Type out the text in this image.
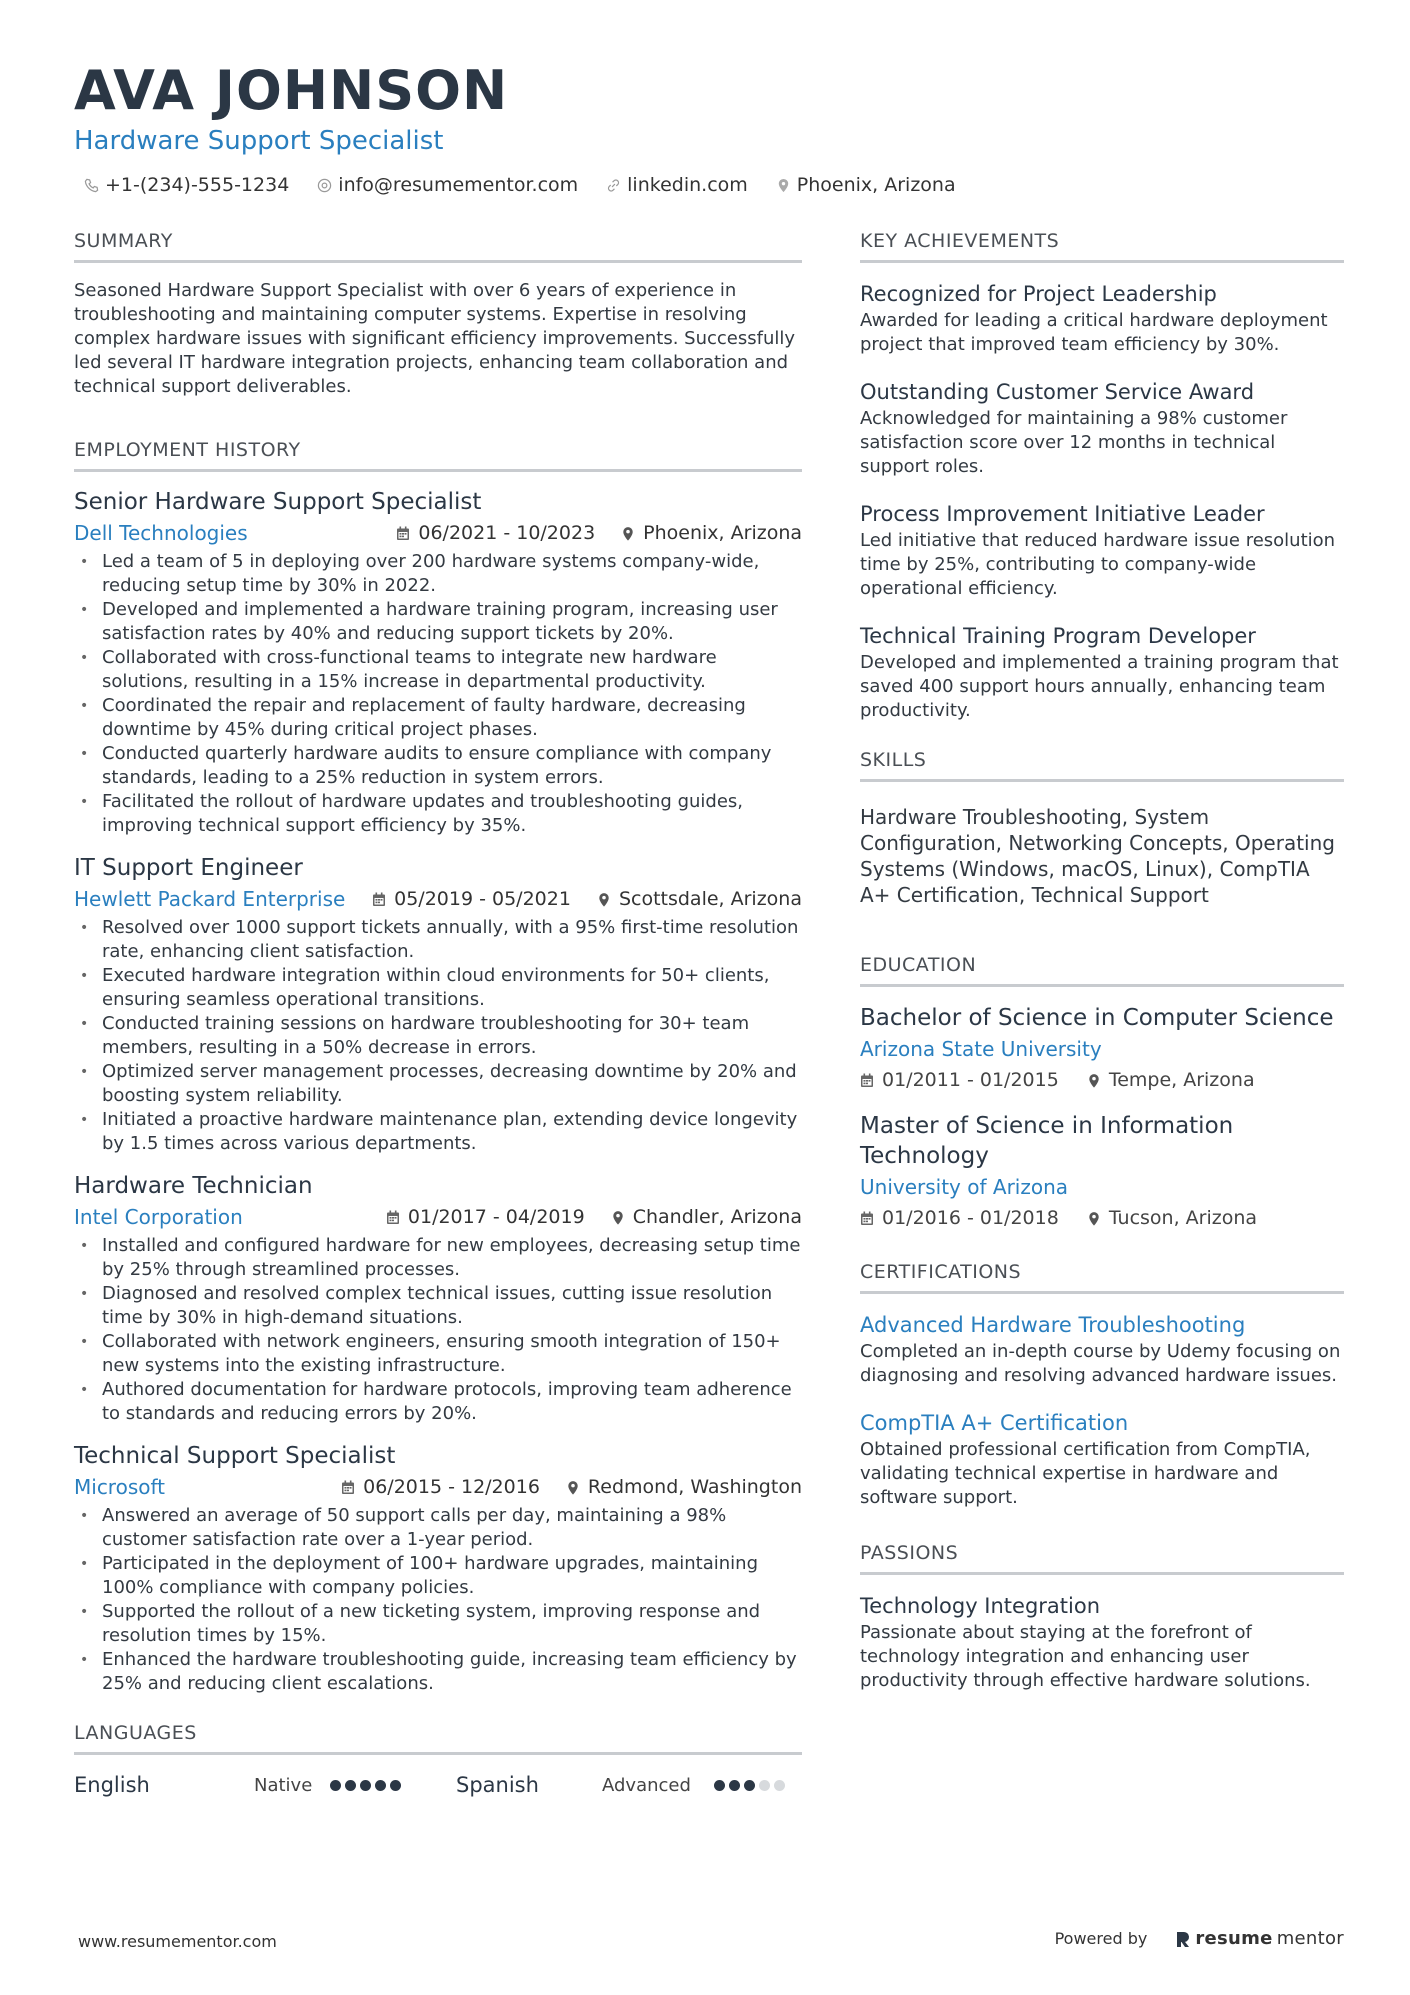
AVA JOHNSON
Hardware Support Specialist
+1-(234)-555-1234	info@resumementor.com	linkedin.com	Phoenix, Arizona
SUMMARY
Seasoned Hardware Support Specialist with over 6 years of experience in troubleshooting and maintaining computer systems. Expertise in resolving complex hardware issues with significant efficiency improvements. Successfully led several IT hardware integration projects, enhancing team collaboration and technical support deliverables.
EMPLOYMENT HISTORY
Senior Hardware Support Specialist
Dell Technologies	06/2021 - 10/2023	Phoenix, Arizona
• Led a team of 5 in deploying over 200 hardware systems company-wide, reducing setup time by 30% in 2022.
• Developed and implemented a hardware training program, increasing user satisfaction rates by 40% and reducing support tickets by 20%.
• Collaborated with cross-functional teams to integrate new hardware solutions, resulting in a 15% increase in departmental productivity.
• Coordinated the repair and replacement of faulty hardware, decreasing downtime by 45% during critical project phases.
• Conducted quarterly hardware audits to ensure compliance with company standards, leading to a 25% reduction in system errors.
• Facilitated the rollout of hardware updates and troubleshooting guides, improving technical support efficiency by 35%.
IT Support Engineer
Hewlett Packard Enterprise	05/2019 - 05/2021	Scottsdale, Arizona
• Resolved over 1000 support tickets annually, with a 95% first-time resolution rate, enhancing client satisfaction.
• Executed hardware integration within cloud environments for 50+ clients, ensuring seamless operational transitions.
• Conducted training sessions on hardware troubleshooting for 30+ team members, resulting in a 50% decrease in errors.
• Optimized server management processes, decreasing downtime by 20% and boosting system reliability.
• Initiated a proactive hardware maintenance plan, extending device longevity by 1.5 times across various departments.
Hardware Technician
Intel Corporation	01/2017 - 04/2019	Chandler, Arizona
• Installed and configured hardware for new employees, decreasing setup time by 25% through streamlined processes.
• Diagnosed and resolved complex technical issues, cutting issue resolution time by 30% in high-demand situations.
• Collaborated with network engineers, ensuring smooth integration of 150+ new systems into the existing infrastructure.
• Authored documentation for hardware protocols, improving team adherence to standards and reducing errors by 20%.
Technical Support Specialist
Microsoft	06/2015 - 12/2016	Redmond, Washington
• Answered an average of 50 support calls per day, maintaining a 98% customer satisfaction rate over a 1-year period.
• Participated in the deployment of 100+ hardware upgrades, maintaining 100% compliance with company policies.
• Supported the rollout of a new ticketing system, improving response and resolution times by 15%.
• Enhanced the hardware troubleshooting guide, increasing team efficiency by 25% and reducing client escalations.
LANGUAGES
English	Native	Spanish	Advanced
KEY ACHIEVEMENTS
Recognized for Project Leadership
Awarded for leading a critical hardware deployment project that improved team efficiency by 30%.
Outstanding Customer Service Award
Acknowledged for maintaining a 98% customer satisfaction score over 12 months in technical support roles.
Process Improvement Initiative Leader
Led initiative that reduced hardware issue resolution time by 25%, contributing to company-wide operational efficiency.
Technical Training Program Developer
Developed and implemented a training program that saved 400 support hours annually, enhancing team productivity.
SKILLS
Hardware Troubleshooting, System Configuration, Networking Concepts, Operating Systems (Windows, macOS, Linux), CompTIA A+ Certification, Technical Support
EDUCATION
Bachelor of Science in Computer Science
Arizona State University
01/2011 - 01/2015	Tempe, Arizona
Master of Science in Information Technology
University of Arizona
01/2016 - 01/2018	Tucson, Arizona
CERTIFICATIONS
Advanced Hardware Troubleshooting
Completed an in-depth course by Udemy focusing on diagnosing and resolving advanced hardware issues.
CompTIA A+ Certification
Obtained professional certification from CompTIA, validating technical expertise in hardware and software support.
PASSIONS
Technology Integration
Passionate about staying at the forefront of technology integration and enhancing user productivity through effective hardware solutions.
www.resumementor.com	Powered by	resume mentor
